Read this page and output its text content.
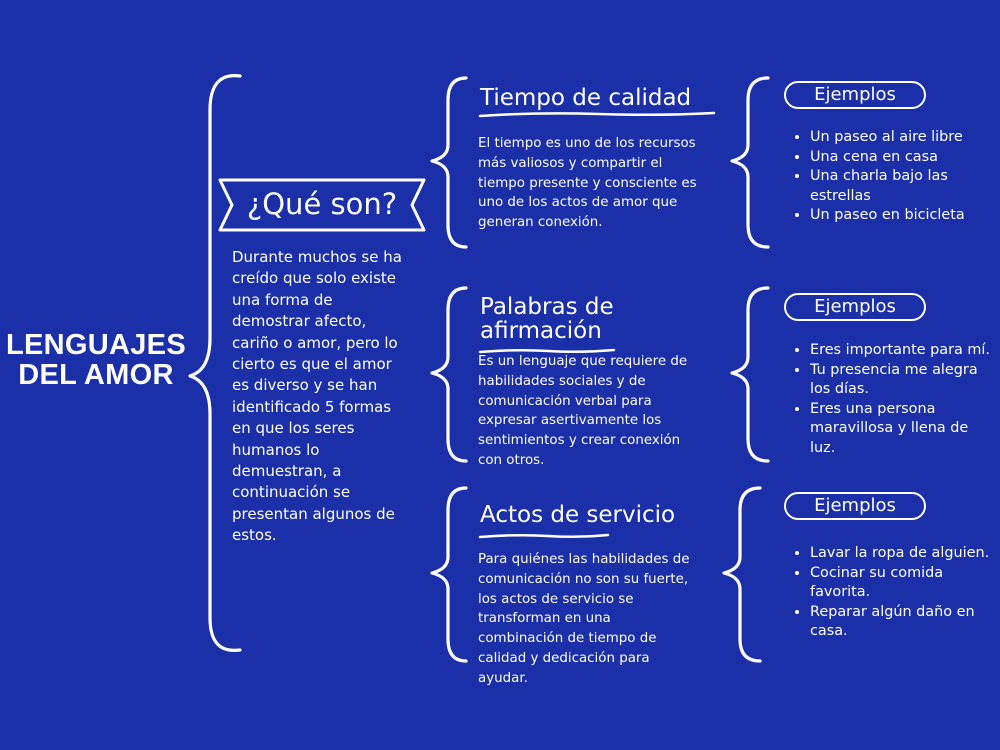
LENGUAJES DEL AMOR
¿Qué son?
Durante muchos se ha creído que solo existe una forma de demostrar afecto, cariño o amor, pero lo cierto es que el amor es diverso y se han identificado 5 formas en que los seres humanos lo demuestran, a continuación se presentan algunos de estos.
Tiempo de calidad
El tiempo es uno de los recursos más valiosos y compartir el tiempo presente y consciente es uno de los actos de amor que generan conexión.
Ejemplos
• Un paseo al aire libre
• Una cena en casa
• Una charla bajo las estrellas
• Un paseo en bicicleta
Palabras de afirmación
Es un lenguaje que requiere de habilidades sociales y de comunicación verbal para expresar asertivamente los sentimientos y crear conexión con otros.
Ejemplos
• Eres importante para mí.
• Tu presencia me alegra los días.
• Eres una persona maravillosa y llena de luz.
Actos de servicio
Para quiénes las habilidades de comunicación no son su fuerte, los actos de servicio se transforman en una combinación de tiempo de calidad y dedicación para ayudar.
Ejemplos
• Lavar la ropa de alguien.
• Cocinar su comida favorita.
• Reparar algún daño en casa.
